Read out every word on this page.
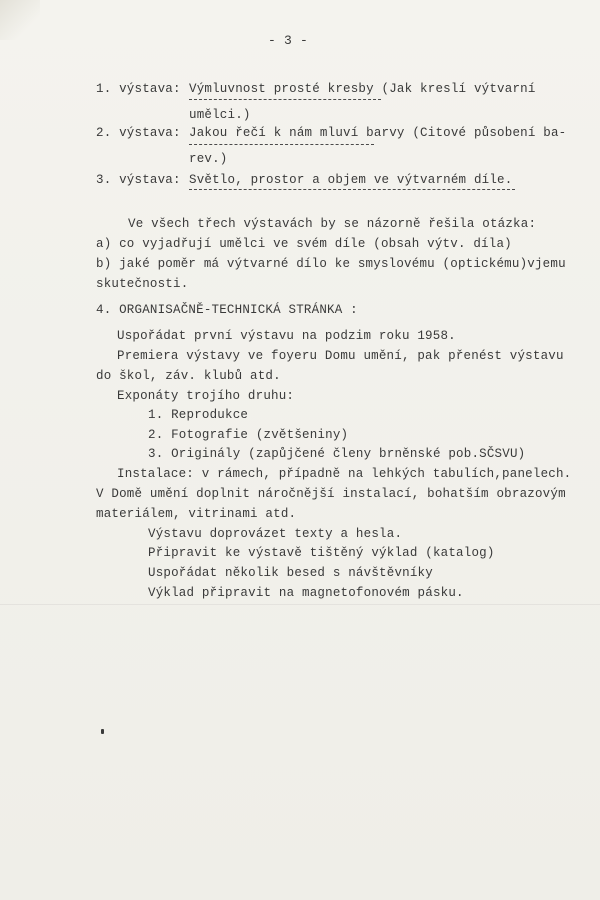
- 3 -
1. výstava: Výmluvnost prosté kresby (Jak kreslí výtvarní
umělci.)
2. výstava: Jakou řečí k nám mluví barvy (Citové působení ba-
rev.)
3. výstava: Světlo, prostor a objem ve výtvarném díle.
Ve všech třech výstavách by se názorně řešila otázka:
a) co vyjadřují umělci ve svém díle (obsah výtv. díla)
b) jaké poměr má výtvarné dílo ke smyslovému (optickému)vjemu
skutečnosti.
4. ORGANISAČNĚ-TECHNICKÁ STRÁNKA :
Uspořádat první výstavu na podzim roku 1958.
Premiera výstavy ve foyeru Domu umění, pak přenést výstavu
do škol, záv. klubů atd.
Exponáty trojího druhu:
1. Reprodukce
2. Fotografie (zvětšeniny)
3. Originály (zapůjčené členy brněnské pob.SČSVU)
Instalace: v rámech, případně na lehkých tabulích,panelech.
V Domě umění doplnit náročnější instalací, bohatším obrazovým
materiálem, vitrinami atd.
Výstavu doprovázet texty a hesla.
Připravit ke výstavě tištěný výklad (katalog)
Uspořádat několik besed s návštěvníky
Výklad připravit na magnetofonovém pásku.
